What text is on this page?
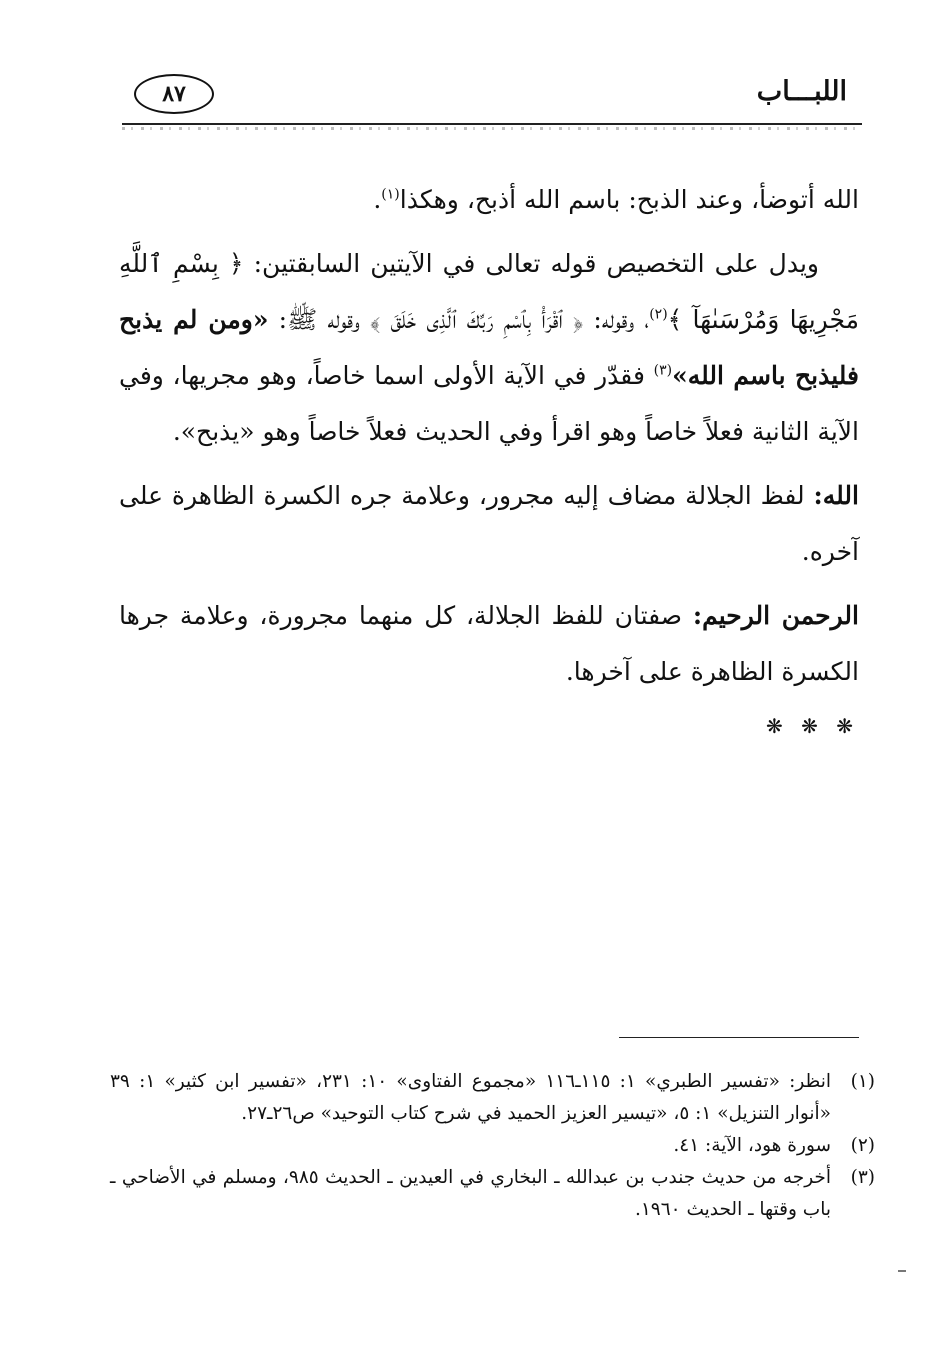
اللبـــاب
٨٧

الله أتوضأ، وعند الذبح: باسم الله أذبح، وهكذا$^{(١)}$.

ويدل على التخصيص قوله تعالى في الآيتين السابقتين: ﴿ بِسْمِ ٱللَّهِ مَجْرِيهَا وَمُرْسَىٰهَآ ﴾$^{(٢)}$، وقوله: ﴿ ٱقْرَأْ بِٱسْمِ رَبِّكَ ٱلَّذِى خَلَقَ ﴾ وقوله ﷺ: «ومن لم يذبح فليذبح باسم الله»$^{(٣)}$ فقدّر في الآية الأولى اسما خاصاً، وهو مجريها، وفي الآية الثانية فعلاً خاصاً وهو اقرأ وفي الحديث فعلاً خاصاً وهو «يذبح».

الله: لفظ الجلالة مضاف إليه مجرور، وعلامة جره الكسرة الظاهرة على آخره.

الرحمن الرحيم: صفتان للفظ الجلالة، كل منهما مجرورة، وعلامة جرها الكسرة الظاهرة على آخرها.

❋ ❋ ❋
(١)
انظر: «تفسير الطبري» ١: ١١٥ـ١١٦ «مجموع الفتاوى» ١٠: ٢٣١، «تفسير ابن كثير» ١: ٣٩ «أنوار التنزيل» ١: ٥، «تيسير العزيز الحميد في شرح كتاب التوحيد» ص٢٦ـ٢٧.
(٢)
سورة هود، الآية: ٤١.
(٣)
أخرجه من حديث جندب بن عبدالله ـ البخاري في العيدين ـ الحديث ٩٨٥، ومسلم في الأضاحي ـ باب وقتها ـ الحديث ١٩٦٠.
